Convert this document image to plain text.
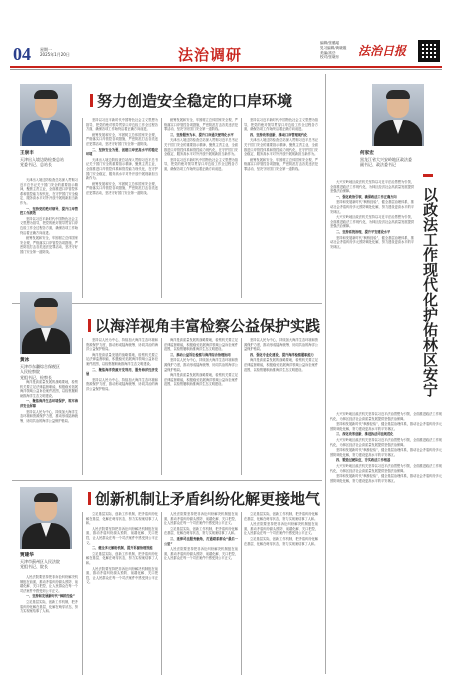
04 星期一
2025年1月20日	法治调研
编辑/张璐瑶
见习编辑/黄晓璇
美编/高岳
校对/张晓东	法治日报
王崇丰
天津出入境边防检查总站
党委书记、总站长
努力创造安全稳定的口岸环境

天津出入境边防检查总站深入贯彻习近平总书记关于国门安全的重要指示精神，聚焦主责主业，全面推进口岸管控体系和管控能力现代化，在守护国门安全稳定、服务高水平对外开放中展现新担当新作为。

一、坚持党的绝对领导，提升口岸管控工作质效

坚持以习近平新时代中国特色社会主义思想为指导，把党的绝对领导贯穿口岸边检工作全过程各方面，确保各项工作始终沿着正确方向前进。

统筹发展和安全，牢固树立总体国家安全观，严格落实口岸管控各项措施，严密防范打击各类违法犯罪活动，坚决守好国门安全第一道防线。

坚持以习近平新时代中国特色社会主义思想为指导，把党的绝对领导贯穿口岸边检工作全过程各方面，确保各项工作始终沿着正确方向前进。

统筹发展和安全，牢固树立总体国家安全观，严格落实口岸管控各项措施，严密防范打击各类违法犯罪活动，坚决守好国门安全第一道防线。

二、坚持安全为要，创建口岸更高水平的稳定环境

天津出入境边防检查总站深入贯彻习近平总书记关于国门安全的重要指示精神，聚焦主责主业，全面推进口岸管控体系和管控能力现代化，在守护国门安全稳定、服务高水平对外开放中展现新担当新作为。

统筹发展和安全，牢固树立总体国家安全观，严格落实口岸管控各项措施，严密防范打击各类违法犯罪活动，坚决守好国门安全第一道防线。

统筹发展和安全，牢固树立总体国家安全观，严格落实口岸管控各项措施，严密防范打击各类违法犯罪活动，坚决守好国门安全第一道防线。

三、坚持服务为本，提升口岸通关便利化水平

天津出入境边防检查总站深入贯彻习近平总书记关于国门安全的重要指示精神，聚焦主责主业，全面推进口岸管控体系和管控能力现代化，在守护国门安全稳定、服务高水平对外开放中展现新担当新作为。

坚持以习近平新时代中国特色社会主义思想为指导，把党的绝对领导贯穿口岸边检工作全过程各方面，确保各项工作始终沿着正确方向前进。

坚持以习近平新时代中国特色社会主义思想为指导，把党的绝对领导贯穿口岸边检工作全过程各方面，确保各项工作始终沿着正确方向前进。

四、坚持改革创新，推动口岸管理现代化

天津出入境边防检查总站深入贯彻习近平总书记关于国门安全的重要指示精神，聚焦主责主业，全面推进口岸管控体系和管控能力现代化，在守护国门安全稳定、服务高水平对外开放中展现新担当新作为。

统筹发展和安全，牢固树立总体国家安全观，严格落实口岸管控各项措施，严密防范打击各类违法犯罪活动，坚决守好国门安全第一道防线。

以海洋视角丰富检察公益保护实践
黄冰
天津市东疆综合保税区
人民检察院
党组书记、检察长

海洋是高质量发展的战略要地，检察机关要立足法律监督职能，积极稳妥拓展海洋领域公益诉讼案件范围，以检察履职助推海洋生态文明建设。

一、聚焦海洋生态环境保护，筑牢海洋安全屏障

坚持以人民为中心，持续加大海洋生态环境和资源保护力度，推动形成陆海统筹、协同共治的海洋公益保护格局。

坚持以人民为中心，持续加大海洋生态环境和资源保护力度，推动形成陆海统筹、协同共治的海洋公益保护格局。

海洋是高质量发展的战略要地，检察机关要立足法律监督职能，积极稳妥拓展海洋领域公益诉讼案件范围，以检察履职助推海洋生态文明建设。

二、聚焦海洋资源开发利用，服务海洋经济发展

坚持以人民为中心，持续加大海洋生态环境和资源保护力度，推动形成陆海统筹、协同共治的海洋公益保护格局。

海洋是高质量发展的战略要地，检察机关要立足法律监督职能，积极稳妥拓展海洋领域公益诉讼案件范围，以检察履职助推海洋生态文明建设。

三、推动公益诉讼检察与海洋综合治理协同

坚持以人民为中心，持续加大海洋生态环境和资源保护力度，推动形成陆海统筹、协同共治的海洋公益保护格局。

海洋是高质量发展的战略要地，检察机关要立足法律监督职能，积极稳妥拓展海洋领域公益诉讼案件范围，以检察履职助推海洋生态文明建设。

坚持以人民为中心，持续加大海洋生态环境和资源保护力度，推动形成陆海统筹、协同共治的海洋公益保护格局。

四、强化专业化建设，提升海洋检察履职能力

海洋是高质量发展的战略要地，检察机关要立足法律监督职能，积极稳妥拓展海洋领域公益诉讼案件范围，以检察履职助推海洋生态文明建设。

创新机制让矛盾纠纷化解更接地气
贾建华
天津市蓟州区人民法院
党组书记、院长

人民法院要坚持把非诉讼纠纷解决机制挺在前面，推动矛盾纠纷源头预防、前端化解、关口把控，让人民群众在每一个司法案件中感受到公平正义。

一、坚持和发展新时代“枫桥经验”

立足基层实际，创新工作机制，把矛盾纠纷化解在基层、化解在萌芽状态，努力实现案结事了人和。

立足基层实际，创新工作机制，把矛盾纠纷化解在基层、化解在萌芽状态，努力实现案结事了人和。

人民法院要坚持把非诉讼纠纷解决机制挺在前面，推动矛盾纠纷源头预防、前端化解、关口把控，让人民群众在每一个司法案件中感受到公平正义。

二、健全多元解纷机制，提升诉源治理效能

立足基层实际，创新工作机制，把矛盾纠纷化解在基层、化解在萌芽状态，努力实现案结事了人和。

人民法院要坚持把非诉讼纠纷解决机制挺在前面，推动矛盾纠纷源头预防、前端化解、关口把控，让人民群众在每一个司法案件中感受到公平正义。

人民法院要坚持把非诉讼纠纷解决机制挺在前面，推动矛盾纠纷源头预防、前端化解、关口把控，让人民群众在每一个司法案件中感受到公平正义。

立足基层实际，创新工作机制，把矛盾纠纷化解在基层、化解在萌芽状态，努力实现案结事了人和。

三、延伸司法服务触角，打通联系群众“最后一公里”

人民法院要坚持把非诉讼纠纷解决机制挺在前面，推动矛盾纠纷源头预防、前端化解、关口把控，让人民群众在每一个司法案件中感受到公平正义。

立足基层实际，创新工作机制，把矛盾纠纷化解在基层、化解在萌芽状态，努力实现案结事了人和。

人民法院要坚持把非诉讼纠纷解决机制挺在前面，推动矛盾纠纷源头预防、前端化解、关口把控，让人民群众在每一个司法案件中感受到公平正义。

立足基层实际，创新工作机制，把矛盾纠纷化解在基层、化解在萌芽状态，努力实现案结事了人和。

何家宏
黑龙江省大兴安岭地区政法委
副书记、政法委书记
以政法工作现代化护佑林区安宁

大兴安岭地区政法机关坚持以习近平法治思想为引领，全面推进政法工作现代化，为林区经济社会高质量发展提供坚强法治保障。

一、强化政治引领，确保政法工作正确方向

坚持和发展新时代“枫桥经验”，健全基层治理体系，推动社会矛盾纠纷多元预防调处化解，努力建设更高水平的平安林区。

大兴安岭地区政法机关坚持以习近平法治思想为引领，全面推进政法工作现代化，为林区经济社会高质量发展提供坚强法治保障。

二、坚持系统治理，提升平安建设水平

坚持和发展新时代“枫桥经验”，健全基层治理体系，推动社会矛盾纠纷多元预防调处化解，努力建设更高水平的平安林区。

大兴安岭地区政法机关坚持以习近平法治思想为引领，全面推进政法工作现代化，为林区经济社会高质量发展提供坚强法治保障。

坚持和发展新时代“枫桥经验”，健全基层治理体系，推动社会矛盾纠纷多元预防调处化解，努力建设更高水平的平安林区。

三、深化改革创新，推进执法司法规范化

大兴安岭地区政法机关坚持以习近平法治思想为引领，全面推进政法工作现代化，为林区经济社会高质量发展提供坚强法治保障。

坚持和发展新时代“枫桥经验”，健全基层治理体系，推动社会矛盾纠纷多元预防调处化解，努力建设更高水平的平安林区。

四、锻造过硬队伍，夯实政法工作根基

大兴安岭地区政法机关坚持以习近平法治思想为引领，全面推进政法工作现代化，为林区经济社会高质量发展提供坚强法治保障。

坚持和发展新时代“枫桥经验”，健全基层治理体系，推动社会矛盾纠纷多元预防调处化解，努力建设更高水平的平安林区。
